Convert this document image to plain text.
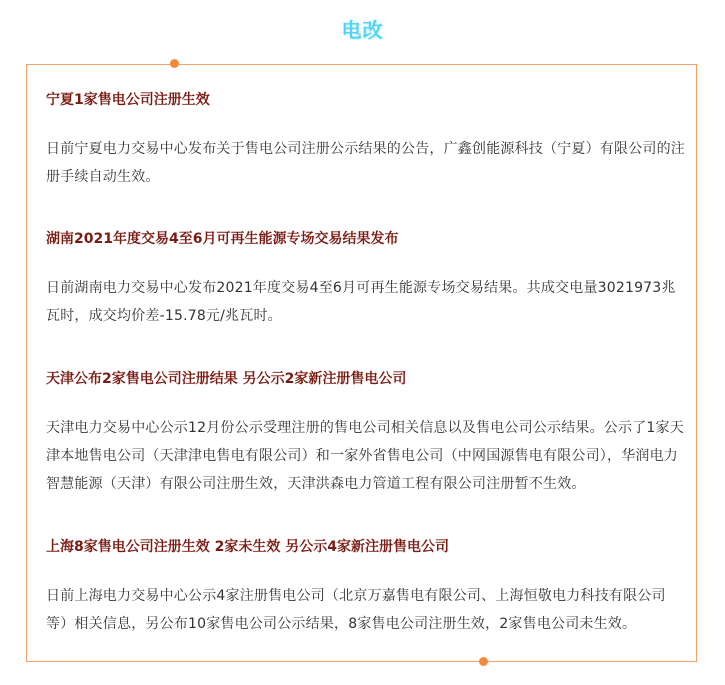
电改

宁夏1家售电公司注册生效

日前宁夏电力交易中心发布关于售电公司注册公示结果的公告，广鑫创能源科技（宁夏）有限公司的注册手续自动生效。

湖南2021年度交易4至6月可再生能源专场交易结果发布

日前湖南电力交易中心发布2021年度交易4至6月可再生能源专场交易结果。共成交电量3021973兆瓦时，成交均价差-15.78元/兆瓦时。

天津公布2家售电公司注册结果 另公示2家新注册售电公司

天津电力交易中心公示12月份公示受理注册的售电公司相关信息以及售电公司公示结果。公示了1家天津本地售电公司（天津津电售电有限公司）和一家外省售电公司（中网国源售电有限公司），华润电力智慧能源（天津）有限公司注册生效，天津洪森电力管道工程有限公司注册暂不生效。

上海8家售电公司注册生效 2家未生效 另公示4家新注册售电公司

日前上海电力交易中心公示4家注册售电公司（北京万嘉售电有限公司、上海恒敬电力科技有限公司等）相关信息，另公布10家售电公司公示结果，8家售电公司注册生效，2家售电公司未生效。
